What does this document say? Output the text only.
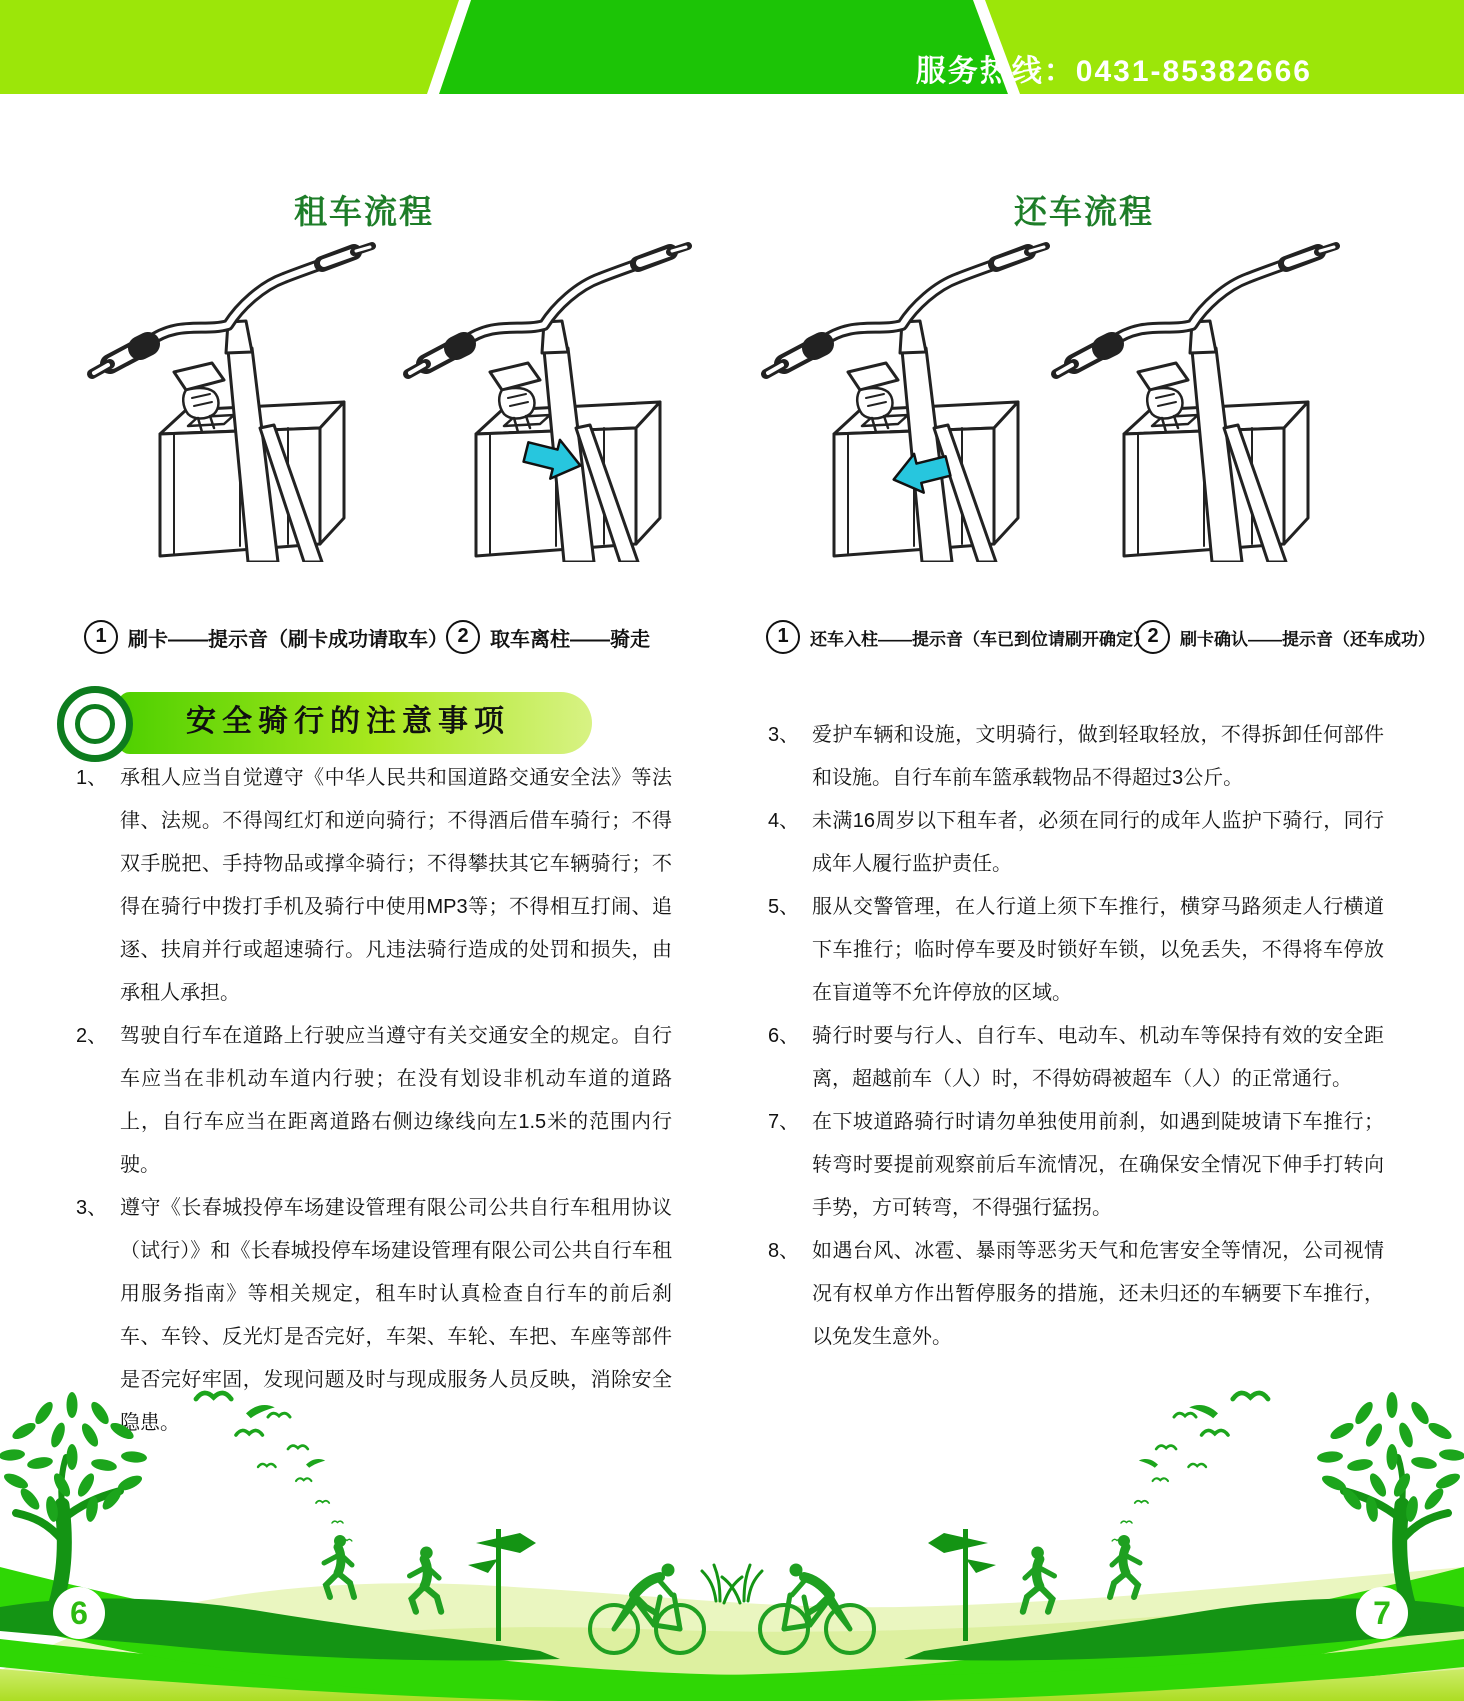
服务热线：0431-85382666
租车流程	还车流程
1	刷卡——提示音（刷卡成功请取车） 2	取车离柱——骑走	1	还车入柱——提示音（车已到位请刷开确定）
2	刷卡确认——提示音（还车成功）
安全骑行的注意事项
1、 承租人应当自觉遵守《中华人民共和国道路交通安全法》等法律、法规。不得闯红灯和逆向骑行；不得酒后借车骑行；不得双手脱把、手持物品或撑伞骑行；不得攀扶其它车辆骑行；不得在骑行中拨打手机及骑行中使用MP3等；不得相互打闹、追逐、扶肩并行或超速骑行。凡违法骑行造成的处罚和损失，由承租人承担。
2、 驾驶自行车在道路上行驶应当遵守有关交通安全的规定。自行车应当在非机动车道内行驶；在没有划设非机动车道的道路上，自行车应当在距离道路右侧边缘线向左1.5米的范围内行驶。
3、 遵守《长春城投停车场建设管理有限公司公共自行车租用协议（试行）》和《长春城投停车场建设管理有限公司公共自行车租用服务指南》等相关规定，租车时认真检查自行车的前后刹车、车铃、反光灯是否完好，车架、车轮、车把、车座等部件是否完好牢固，发现问题及时与现成服务人员反映，消除安全隐患。
3、 爱护车辆和设施，文明骑行，做到轻取轻放，不得拆卸任何部件和设施。自行车前车篮承载物品不得超过3公斤。
4、 未满16周岁以下租车者，必须在同行的成年人监护下骑行，同行成年人履行监护责任。
5、 服从交警管理，在人行道上须下车推行，横穿马路须走人行横道下车推行；临时停车要及时锁好车锁，以免丢失，不得将车停放在盲道等不允许停放的区域。
6、 骑行时要与行人、自行车、电动车、机动车等保持有效的安全距离，超越前车（人）时，不得妨碍被超车（人）的正常通行。
7、 在下坡道路骑行时请勿单独使用前刹，如遇到陡坡请下车推行；转弯时要提前观察前后车流情况，在确保安全情况下伸手打转向手势，方可转弯，不得强行猛拐。
8、 如遇台风、冰雹、暴雨等恶劣天气和危害安全等情况，公司视情况有权单方作出暂停服务的措施，还未归还的车辆要下车推行，以免发生意外。
6	7
